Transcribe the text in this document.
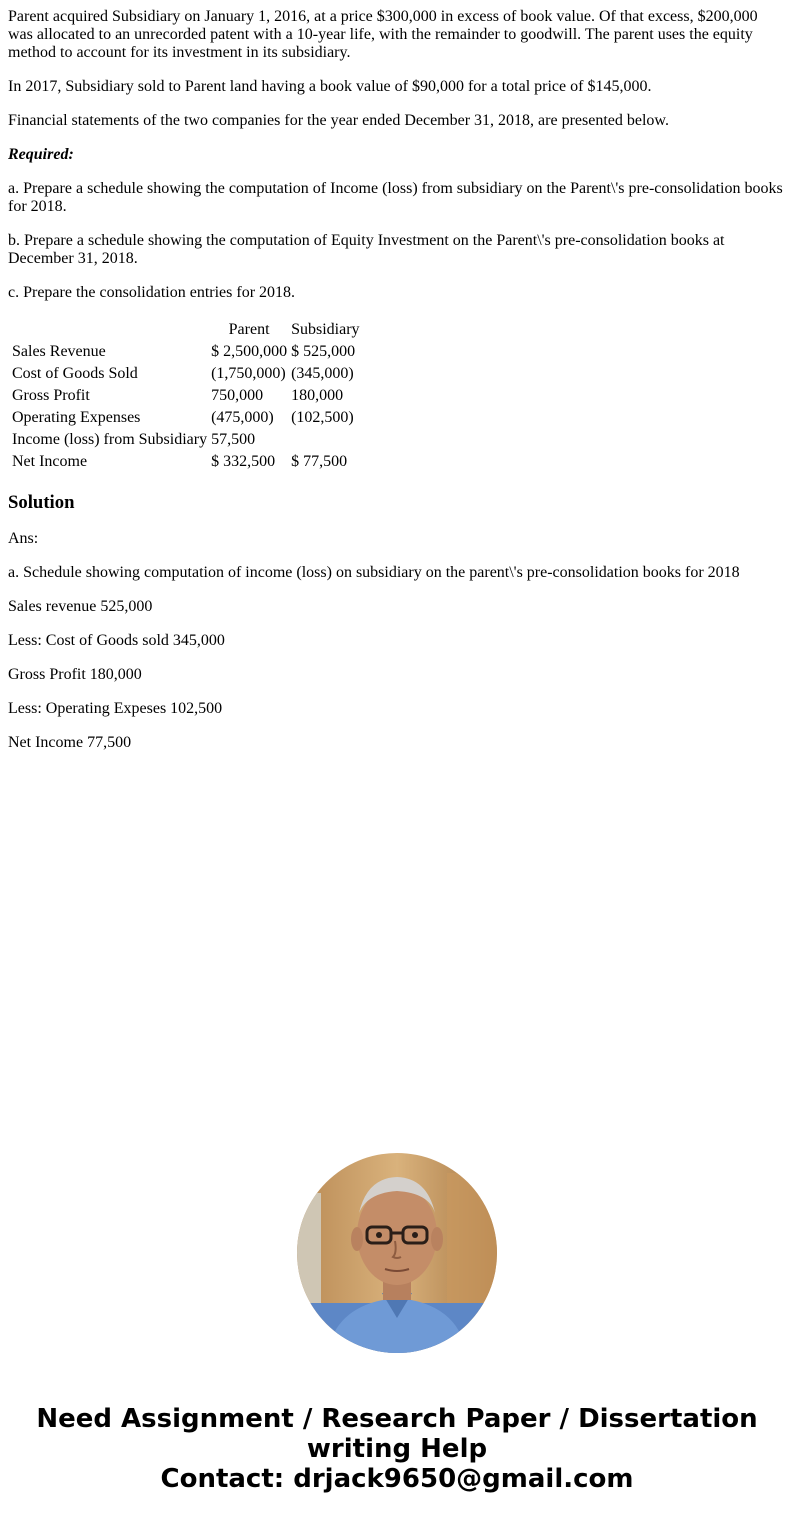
Parent acquired Subsidiary on January 1, 2016, at a price $300,000 in excess of book value. Of that excess, $200,000 was allocated to an unrecorded patent with a 10-year life, with the remainder to goodwill. The parent uses the equity method to account for its investment in its subsidiary.

In 2017, Subsidiary sold to Parent land having a book value of $90,000 for a total price of $145,000.

Financial statements of the two companies for the year ended December 31, 2018, are presented below.

Required:

a. Prepare a schedule showing the computation of Income (loss) from subsidiary on the Parent\'s pre-consolidation books for 2018.

b. Prepare a schedule showing the computation of Equity Investment on the Parent\'s pre-consolidation books at December 31, 2018.

c. Prepare the consolidation entries for 2018.

	Parent	Subsidiary
Sales Revenue	$ 2,500,000	$ 525,000
Cost of Goods Sold	(1,750,000)	(345,000)
Gross Profit	750,000	180,000
Operating Expenses	(475,000)	(102,500)
Income (loss) from Subsidiary	57,500	
Net Income	$ 332,500	$ 77,500
Solution

Ans:

a. Schedule showing computation of income (loss) on subsidiary on the parent\'s pre-consolidation books for 2018

Sales revenue 525,000

Less: Cost of Goods sold 345,000

Gross Profit 180,000

Less: Operating Expeses 102,500

Net Income 77,500

Need Assignment / Research Paper / Dissertation
writing Help
Contact: drjack9650@gmail.com
